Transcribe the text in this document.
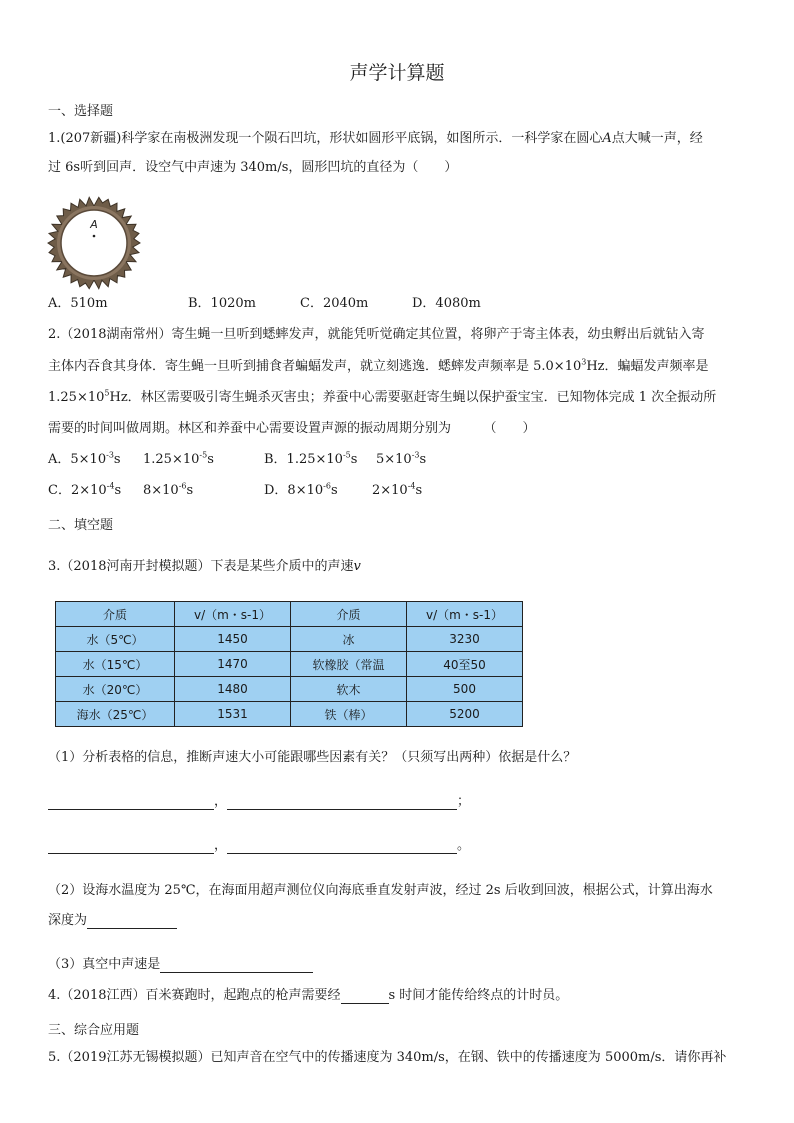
声学计算题
一、选择题
1.(207新疆)科学家在南极洲发现一个陨石凹坑，形状如圆形平底锅，如图所示．一科学家在圆心A点大喊一声，经
过 6s听到回声．设空气中声速为 340m/s，圆形凹坑的直径为（　　）
A
A．510m	B．1020m	C．2040m	D．4080m
2.（2018湖南常州）寄生蝇一旦听到蟋蟀发声，就能凭听觉确定其位置，将卵产于寄主体表，幼虫孵出后就钻入寄
主体内吞食其身体．寄生蝇一旦听到捕食者蝙蝠发声，就立刻逃逸．蟋蟀发声频率是 $5.0\times 10^3Hz$．蝙蝠发声频率是
$1.25\times 10^5Hz$．林区需要吸引寄生蝇杀灭害虫；养蚕中心需要驱赶寄生蝇以保护蚕宝宝．已知物体完成 1 次全振动所
需要的时间叫做周期。林区和养蚕中心需要设置声源的振动周期分别为　　　（　　）
A．$5\times 10^{-3}s$ $1.25\times 10^{-5}s$	B．$1.25\times 10^{-5}s$ $5\times 10^{-3}s$
C．$2\times 10^{-4}s$ $8\times 10^{-6}s$	D．$8\times 10^{-6}s$	$2\times 10^{-4}s$
二、填空题
3.（2018河南开封模拟题）下表是某些介质中的声速v
介质	v/（m・s-1）	介质	v/（m・s-1）
水（5℃）	1450	冰	3230
水（15℃）	1470	软橡胶（常温	40至50
水（20℃）	1480	软木	500
海水（25℃）	1531	铁（棒）	5200
（1）分析表格的信息，推断声速大小可能跟哪些因素有关？（只须写出两种）依据是什么？
，	；
，	。
（2）设海水温度为 25℃，在海面用超声测位仪向海底垂直发射声波，经过 2s 后收到回波，根据公式，计算出海水
深度为
（3）真空中声速是
4.（2018江西）百米赛跑时，起跑点的枪声需要经	s 时间才能传给终点的计时员。
三、综合应用题
5.（2019江苏无锡模拟题）已知声音在空气中的传播速度为 340m/s，在钢、铁中的传播速度为 5000m/s．请你再补
